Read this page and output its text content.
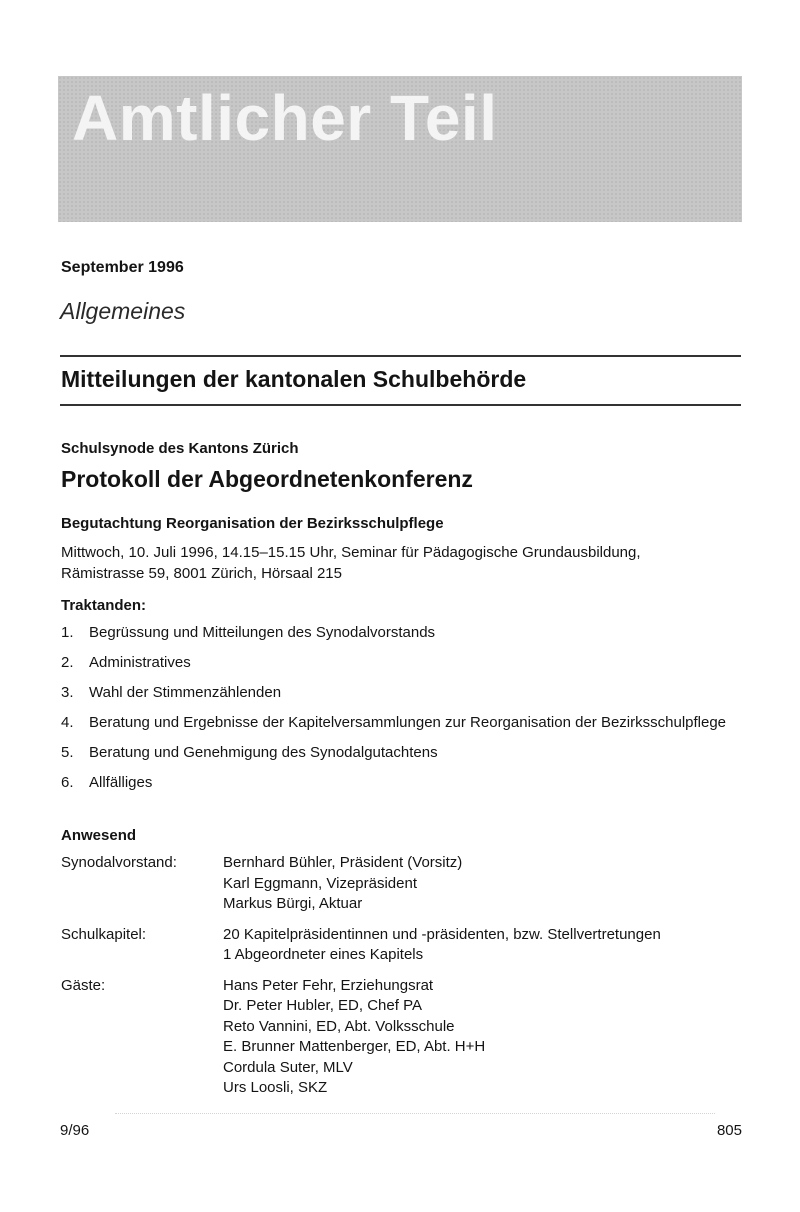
Amtlicher Teil
September 1996
Allgemeines
Mitteilungen der kantonalen Schulbehörde
Schulsynode des Kantons Zürich
Protokoll der Abgeordnetenkonferenz
Begutachtung Reorganisation der Bezirksschulpflege
Mittwoch, 10. Juli 1996, 14.15–15.15 Uhr, Seminar für Pädagogische Grundausbildung,
Rämistrasse 59, 8001 Zürich, Hörsaal 215
Traktanden:
1.	Begrüssung und Mitteilungen des Synodalvorstands
2.	Administratives
3.	Wahl der Stimmenzählenden
4.	Beratung und Ergebnisse der Kapitelversammlungen zur Reorganisation der Bezirksschulpflege
5.	Beratung und Genehmigung des Synodalgutachtens
6.	Allfälliges
Anwesend
Synodalvorstand:	Bernhard Bühler, Präsident (Vorsitz)
Karl Eggmann, Vizepräsident
Markus Bürgi, Aktuar
Schulkapitel:	20 Kapitelpräsidentinnen und -präsidenten, bzw. Stellvertretungen
1 Abgeordneter eines Kapitels
Gäste:	Hans Peter Fehr, Erziehungsrat
Dr. Peter Hubler, ED, Chef PA
Reto Vannini, ED, Abt. Volksschule
E. Brunner Mattenberger, ED, Abt. H+H
Cordula Suter, MLV
Urs Loosli, SKZ
9/96	805
